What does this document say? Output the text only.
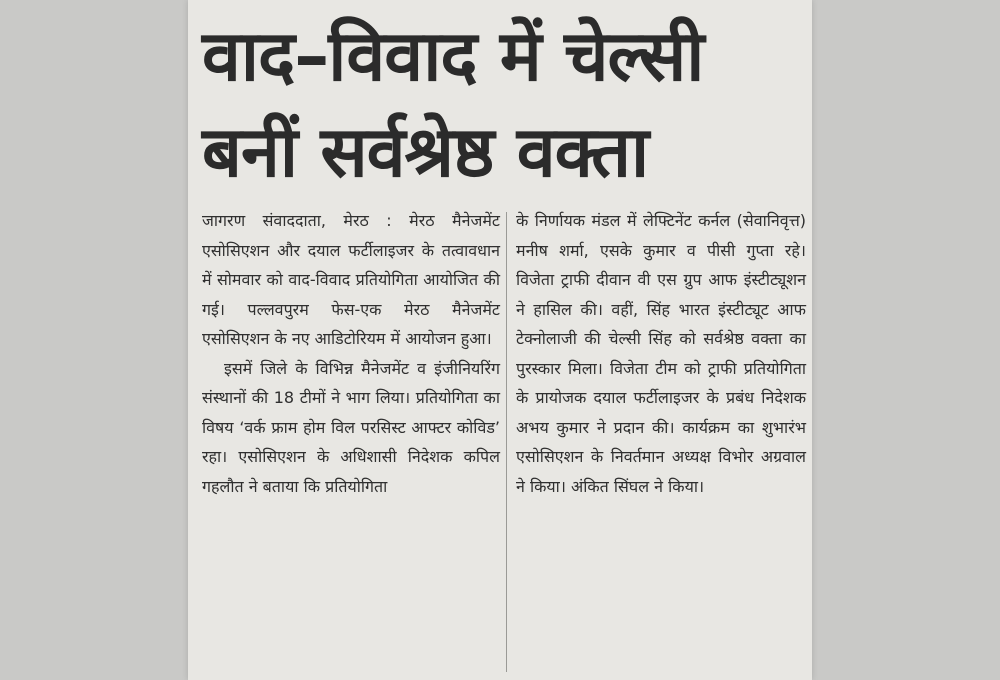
वाद–विवाद में चेल्सी
बनीं सर्वश्रेष्ठ वक्ता

जागरण संवाददाता, मेरठ : मेरठ मैनेजमेंट एसोसिएशन और दयाल फर्टीलाइजर के तत्वावधान में सोमवार को वाद-विवाद प्रतियोगिता आयोजित की गई। पल्लवपुरम फेस-एक मेरठ मैनेजमेंट एसोसिएशन के नए आडिटोरियम में आयोजन हुआ।

इसमें जिले के विभिन्न मैनेजमेंट व इंजीनियरिंग संस्थानों की 18 टीमों ने भाग लिया। प्रतियोगिता का विषय ‘वर्क फ्राम होम विल परसिस्ट आफ्टर कोविड’ रहा। एसोसिएशन के अधिशासी निदेशक कपिल गहलौत ने बताया कि प्रतियोगिता

के निर्णायक मंडल में लेफ्टिनेंट कर्नल (सेवानिवृत्त) मनीष शर्मा, एसके कुमार व पीसी गुप्ता रहे। विजेता ट्राफी दीवान वी एस ग्रुप आफ इंस्टीट्यूशन ने हासिल की। वहीं, सिंह भारत इंस्टीट्यूट आफ टेक्नोलाजी की चेल्सी सिंह को सर्वश्रेष्ठ वक्ता का पुरस्कार मिला। विजेता टीम को ट्राफी प्रतियोगिता के प्रायोजक दयाल फर्टीलाइजर के प्रबंध निदेशक अभय कुमार ने प्रदान की। कार्यक्रम का शुभारंभ एसोसिएशन के निवर्तमान अध्यक्ष विभोर अग्रवाल ने किया। अंकित सिंघल ने किया।
